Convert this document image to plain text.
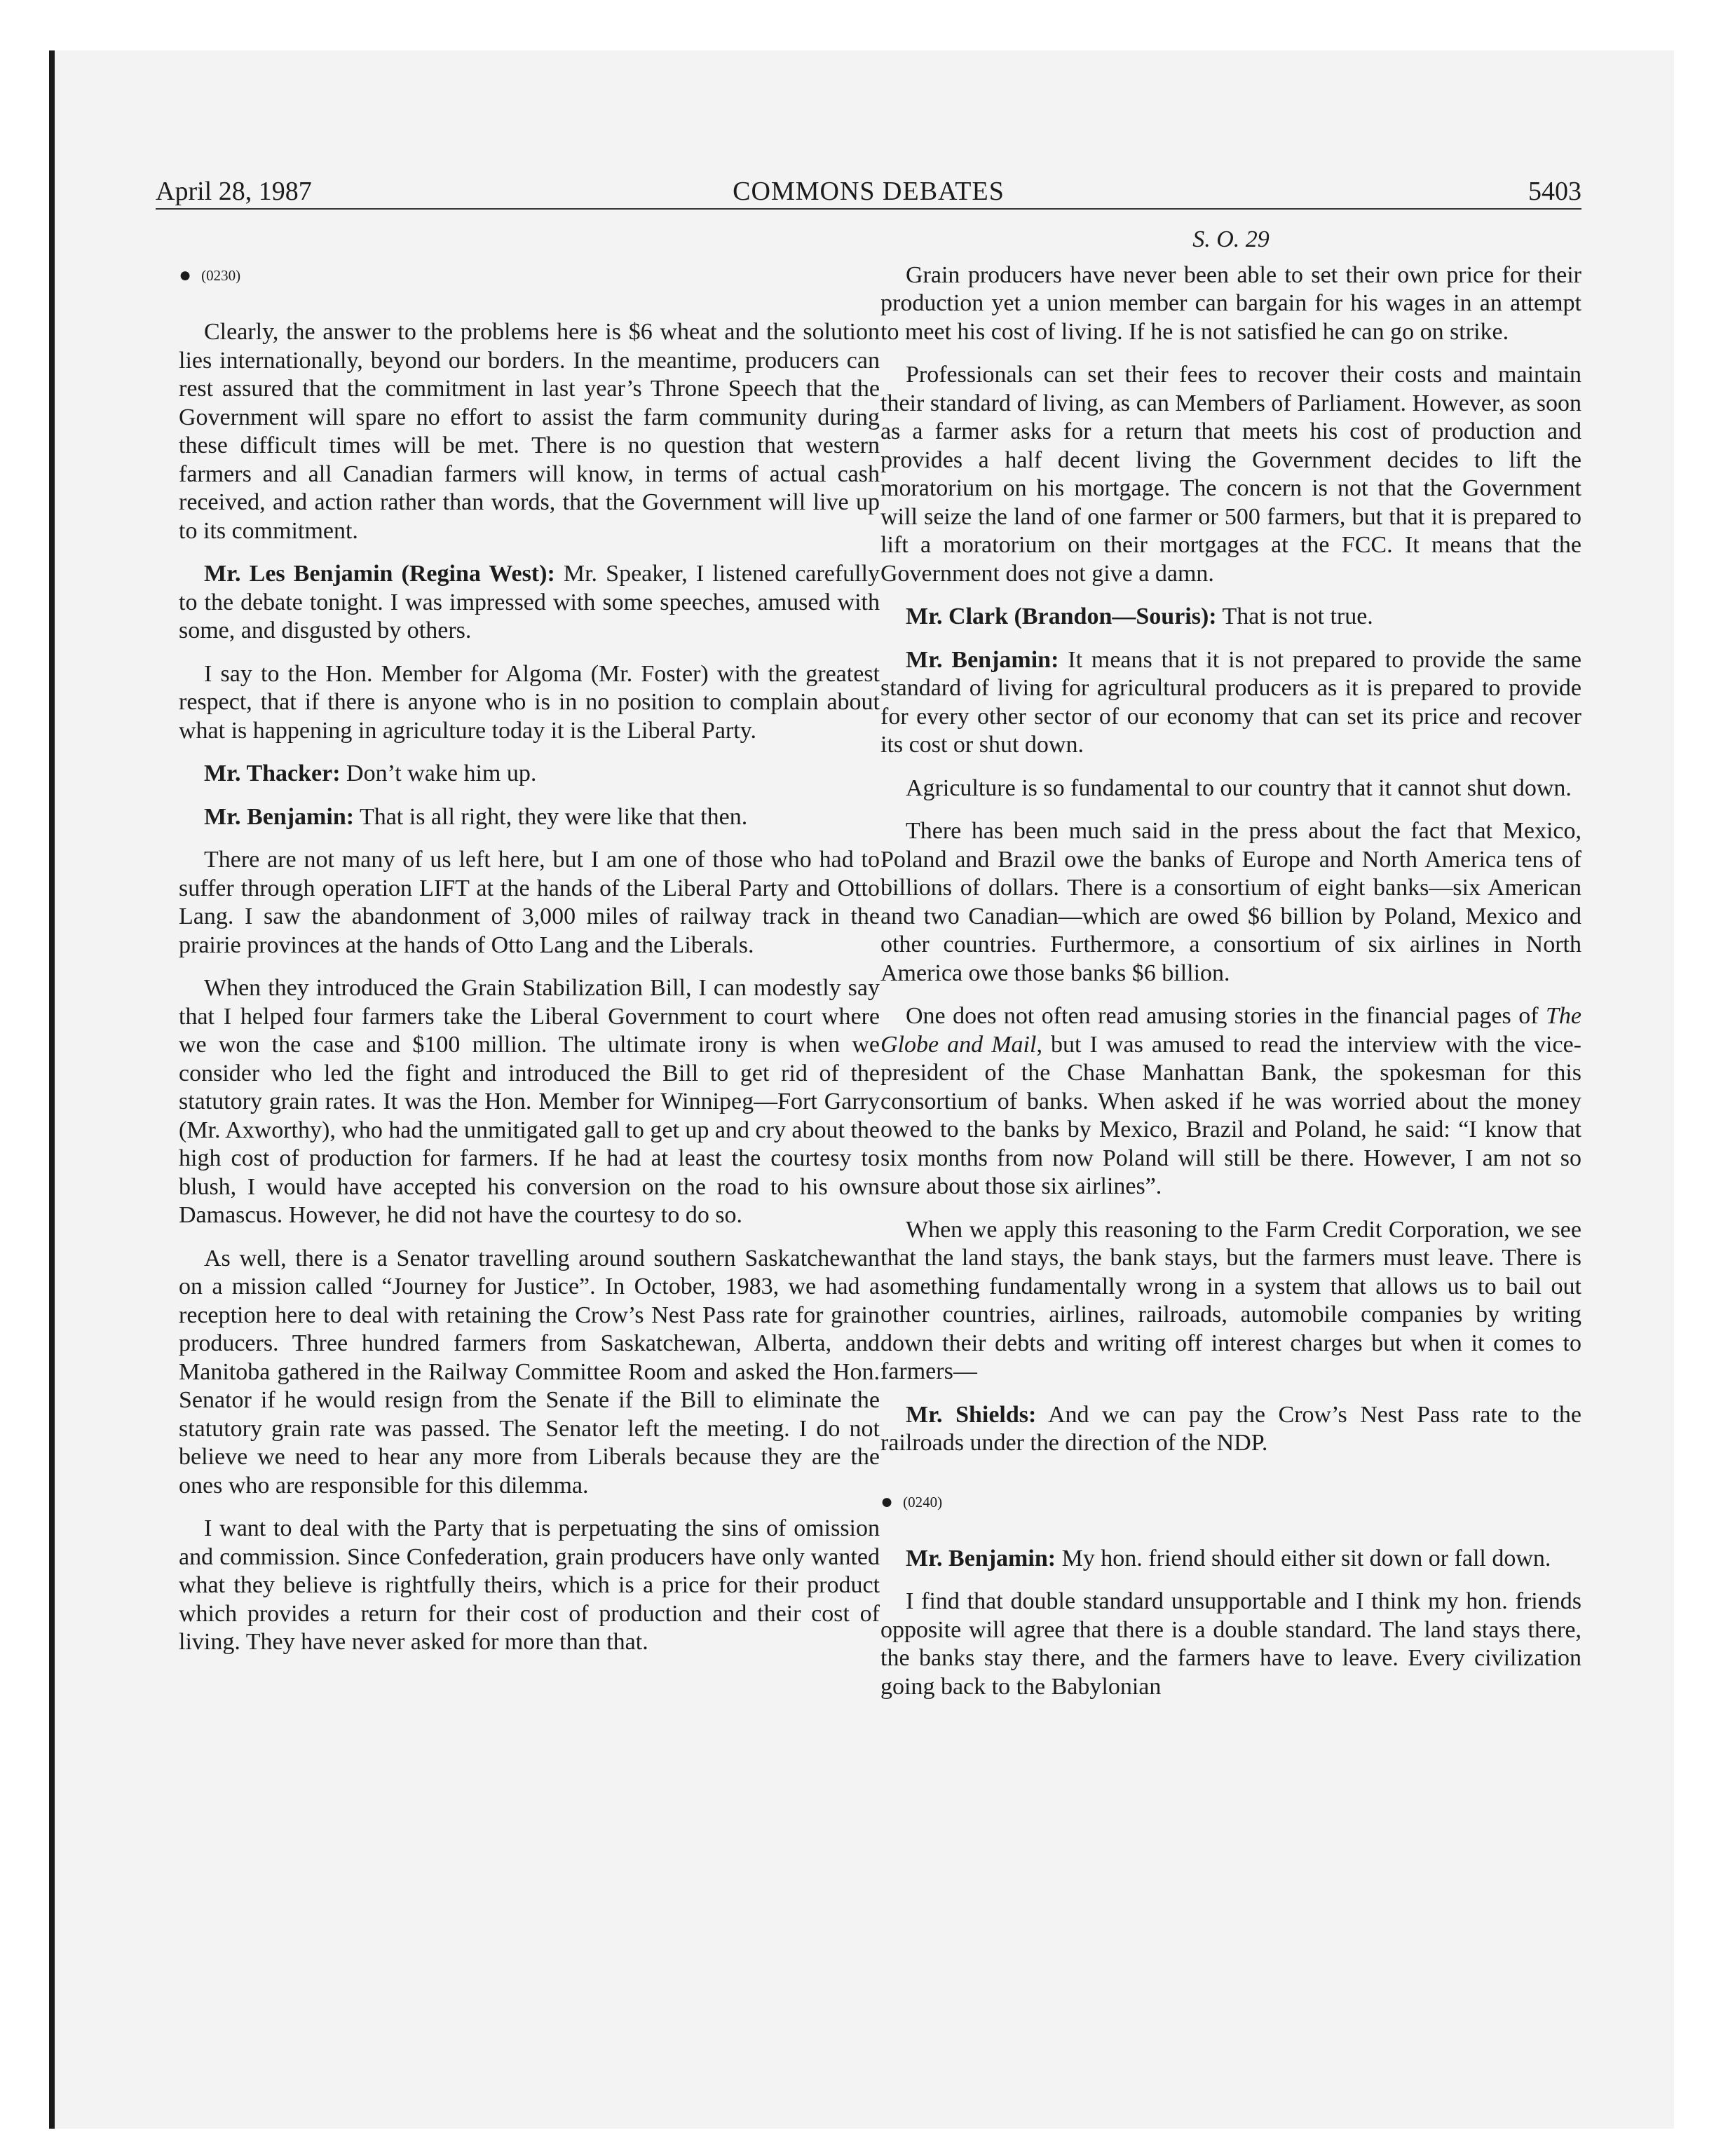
April 28, 1987	COMMONS DEBATES	5403
● (0230)

Clearly, the answer to the problems here is $6 wheat and the solution lies internationally, beyond our borders. In the meantime, producers can rest assured that the commitment in last year’s Throne Speech that the Government will spare no effort to assist the farm community during these difficult times will be met. There is no question that western farmers and all Canadian farmers will know, in terms of actual cash received, and action rather than words, that the Government will live up to its commitment.

Mr. Les Benjamin (Regina West): Mr. Speaker, I listened carefully to the debate tonight. I was impressed with some speeches, amused with some, and disgusted by others.

I say to the Hon. Member for Algoma (Mr. Foster) with the greatest respect, that if there is anyone who is in no position to complain about what is happening in agriculture today it is the Liberal Party.

Mr. Thacker: Don’t wake him up.

Mr. Benjamin: That is all right, they were like that then.

There are not many of us left here, but I am one of those who had to suffer through operation LIFT at the hands of the Liberal Party and Otto Lang. I saw the abandonment of 3,000 miles of railway track in the prairie provinces at the hands of Otto Lang and the Liberals.

When they introduced the Grain Stabilization Bill, I can modestly say that I helped four farmers take the Liberal Government to court where we won the case and $100 million. The ultimate irony is when we consider who led the fight and introduced the Bill to get rid of the statutory grain rates. It was the Hon. Member for Winnipeg—Fort Garry (Mr. Axworthy), who had the unmitigated gall to get up and cry about the high cost of production for farmers. If he had at least the courtesy to blush, I would have accepted his conversion on the road to his own Damascus. However, he did not have the courtesy to do so.

As well, there is a Senator travelling around southern Saskatchewan on a mission called “Journey for Justice”. In October, 1983, we had a reception here to deal with retaining the Crow’s Nest Pass rate for grain producers. Three hundred farmers from Saskatchewan, Alberta, and Manitoba gathered in the Railway Committee Room and asked the Hon. Senator if he would resign from the Senate if the Bill to eliminate the statutory grain rate was passed. The Senator left the meeting. I do not believe we need to hear any more from Liberals because they are the ones who are responsible for this dilemma.

I want to deal with the Party that is perpetuating the sins of omission and commission. Since Confederation, grain producers have only wanted what they believe is rightfully theirs, which is a price for their product which provides a return for their cost of production and their cost of living. They have never asked for more than that.

S. O. 29

Grain producers have never been able to set their own price for their production yet a union member can bargain for his wages in an attempt to meet his cost of living. If he is not satisfied he can go on strike.

Professionals can set their fees to recover their costs and maintain their standard of living, as can Members of Parliament. However, as soon as a farmer asks for a return that meets his cost of production and provides a half decent living the Government decides to lift the moratorium on his mortgage. The concern is not that the Government will seize the land of one farmer or 500 farmers, but that it is prepared to lift a moratorium on their mortgages at the FCC. It means that the Government does not give a damn.

Mr. Clark (Brandon—Souris): That is not true.

Mr. Benjamin: It means that it is not prepared to provide the same standard of living for agricultural producers as it is prepared to provide for every other sector of our economy that can set its price and recover its cost or shut down.

Agriculture is so fundamental to our country that it cannot shut down.

There has been much said in the press about the fact that Mexico, Poland and Brazil owe the banks of Europe and North America tens of billions of dollars. There is a consortium of eight banks—six American and two Canadian—which are owed $6 billion by Poland, Mexico and other countries. Furthermore, a consortium of six airlines in North America owe those banks $6 billion.

One does not often read amusing stories in the financial pages of The Globe and Mail, but I was amused to read the interview with the vice-president of the Chase Manhattan Bank, the spokesman for this consortium of banks. When asked if he was worried about the money owed to the banks by Mexico, Brazil and Poland, he said: “I know that six months from now Poland will still be there. However, I am not so sure about those six airlines”.

When we apply this reasoning to the Farm Credit Corporation, we see that the land stays, the bank stays, but the farmers must leave. There is something fundamentally wrong in a system that allows us to bail out other countries, airlines, railroads, automobile companies by writing down their debts and writing off interest charges but when it comes to farmers—

Mr. Shields: And we can pay the Crow’s Nest Pass rate to the railroads under the direction of the NDP.

● (0240)

Mr. Benjamin: My hon. friend should either sit down or fall down.

I find that double standard unsupportable and I think my hon. friends opposite will agree that there is a double standard. The land stays there, the banks stay there, and the farmers have to leave. Every civilization going back to the Babylonian
